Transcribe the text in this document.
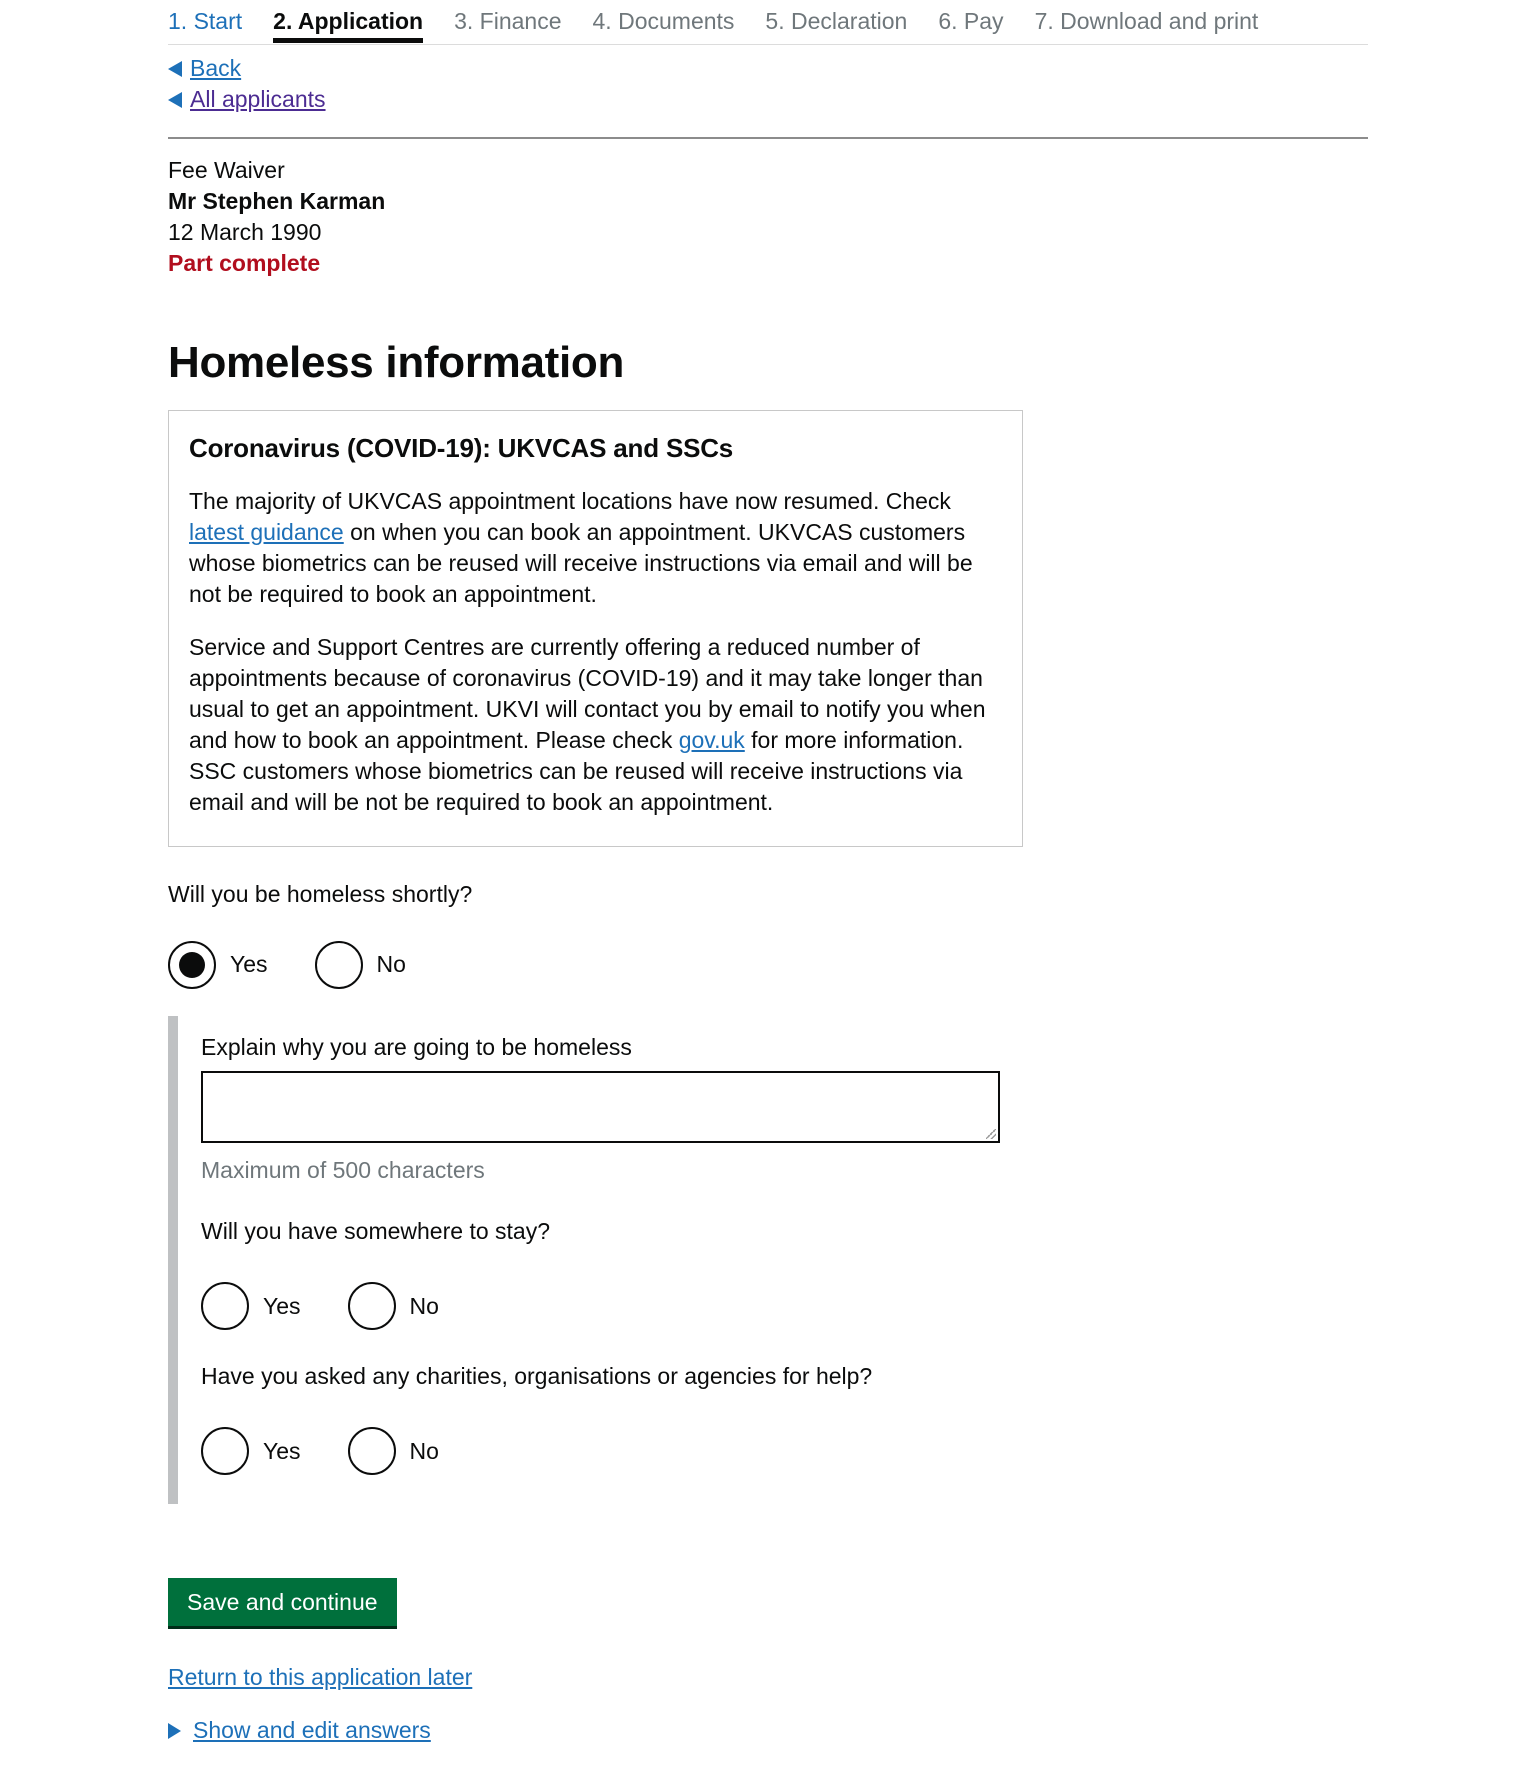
1. Start 2. Application 3. Finance 4. Documents 5. Declaration 6. Pay 7. Download and print
Back
All applicants
Fee Waiver
Mr Stephen Karman
12 March 1990
Part complete
Homeless information
Coronavirus (COVID-19): UKVCAS and SSCs

The majority of UKVCAS appointment locations have now resumed. Check latest guidance on when you can book an appointment. UKVCAS customers whose biometrics can be reused will receive instructions via email and will be not be required to book an appointment.

Service and Support Centres are currently offering a reduced number of appointments because of coronavirus (COVID-19) and it may take longer than usual to get an appointment. UKVI will contact you by email to notify you when and how to book an appointment. Please check gov.uk for more information. SSC customers whose biometrics can be reused will receive instructions via email and will be not be required to book an appointment.

Will you be homeless shortly?
Yes	No
Explain why you are going to be homeless
Maximum of 500 characters
Will you have somewhere to stay?
Yes	No
Have you asked any charities, organisations or agencies for help?
Yes	No
Save and continue
Return to this application later
Show and edit answers
